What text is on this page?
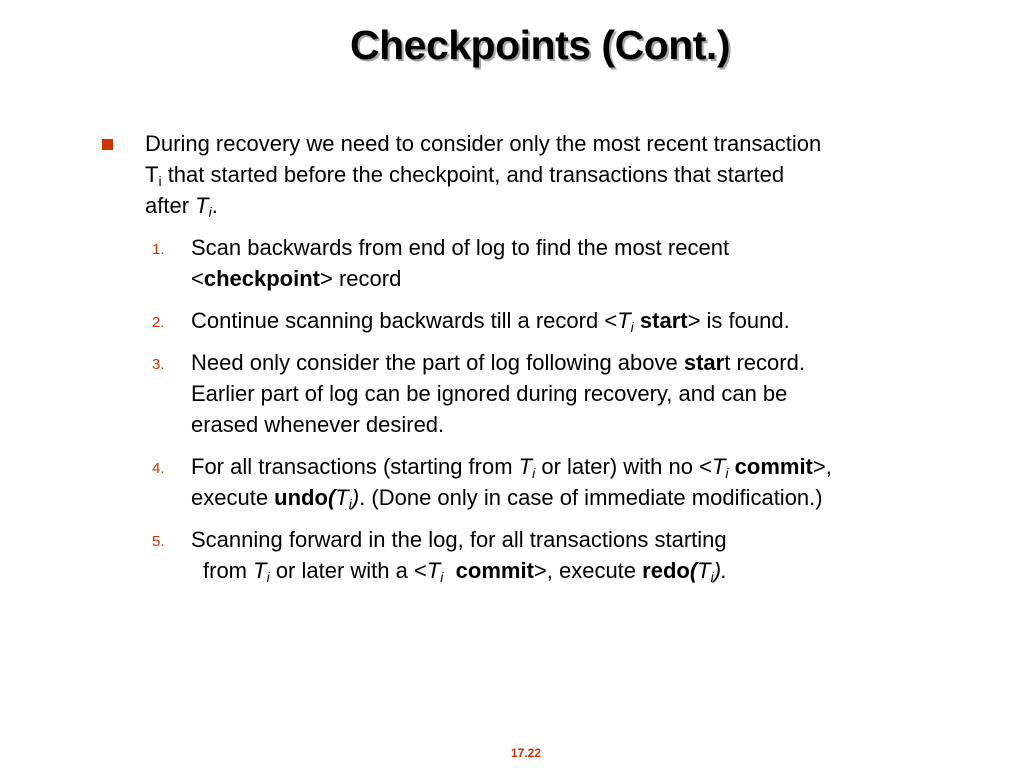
Checkpoints (Cont.)
During recovery we need to consider only the most recent transaction
$T_i$ that started before the checkpoint, and transactions that started
after $T_i$.
1. Scan backwards from end of log to find the most recent
<checkpoint> record
2. Continue scanning backwards till a record $<T_i$ start> is found.
3. Need only consider the part of log following above start record.
Earlier part of log can be ignored during recovery, and can be
erased whenever desired.
4. For all transactions (starting from $T_i$ or later) with no $<T_i$ commit>,
execute $undo(T_i)$. (Done only in case of immediate modification.)
5. Scanning forward in the log, for all transactions starting
from $T_i$ or later with $a <T_i$ commit>, execute $redo(T_i)$.
17.22
